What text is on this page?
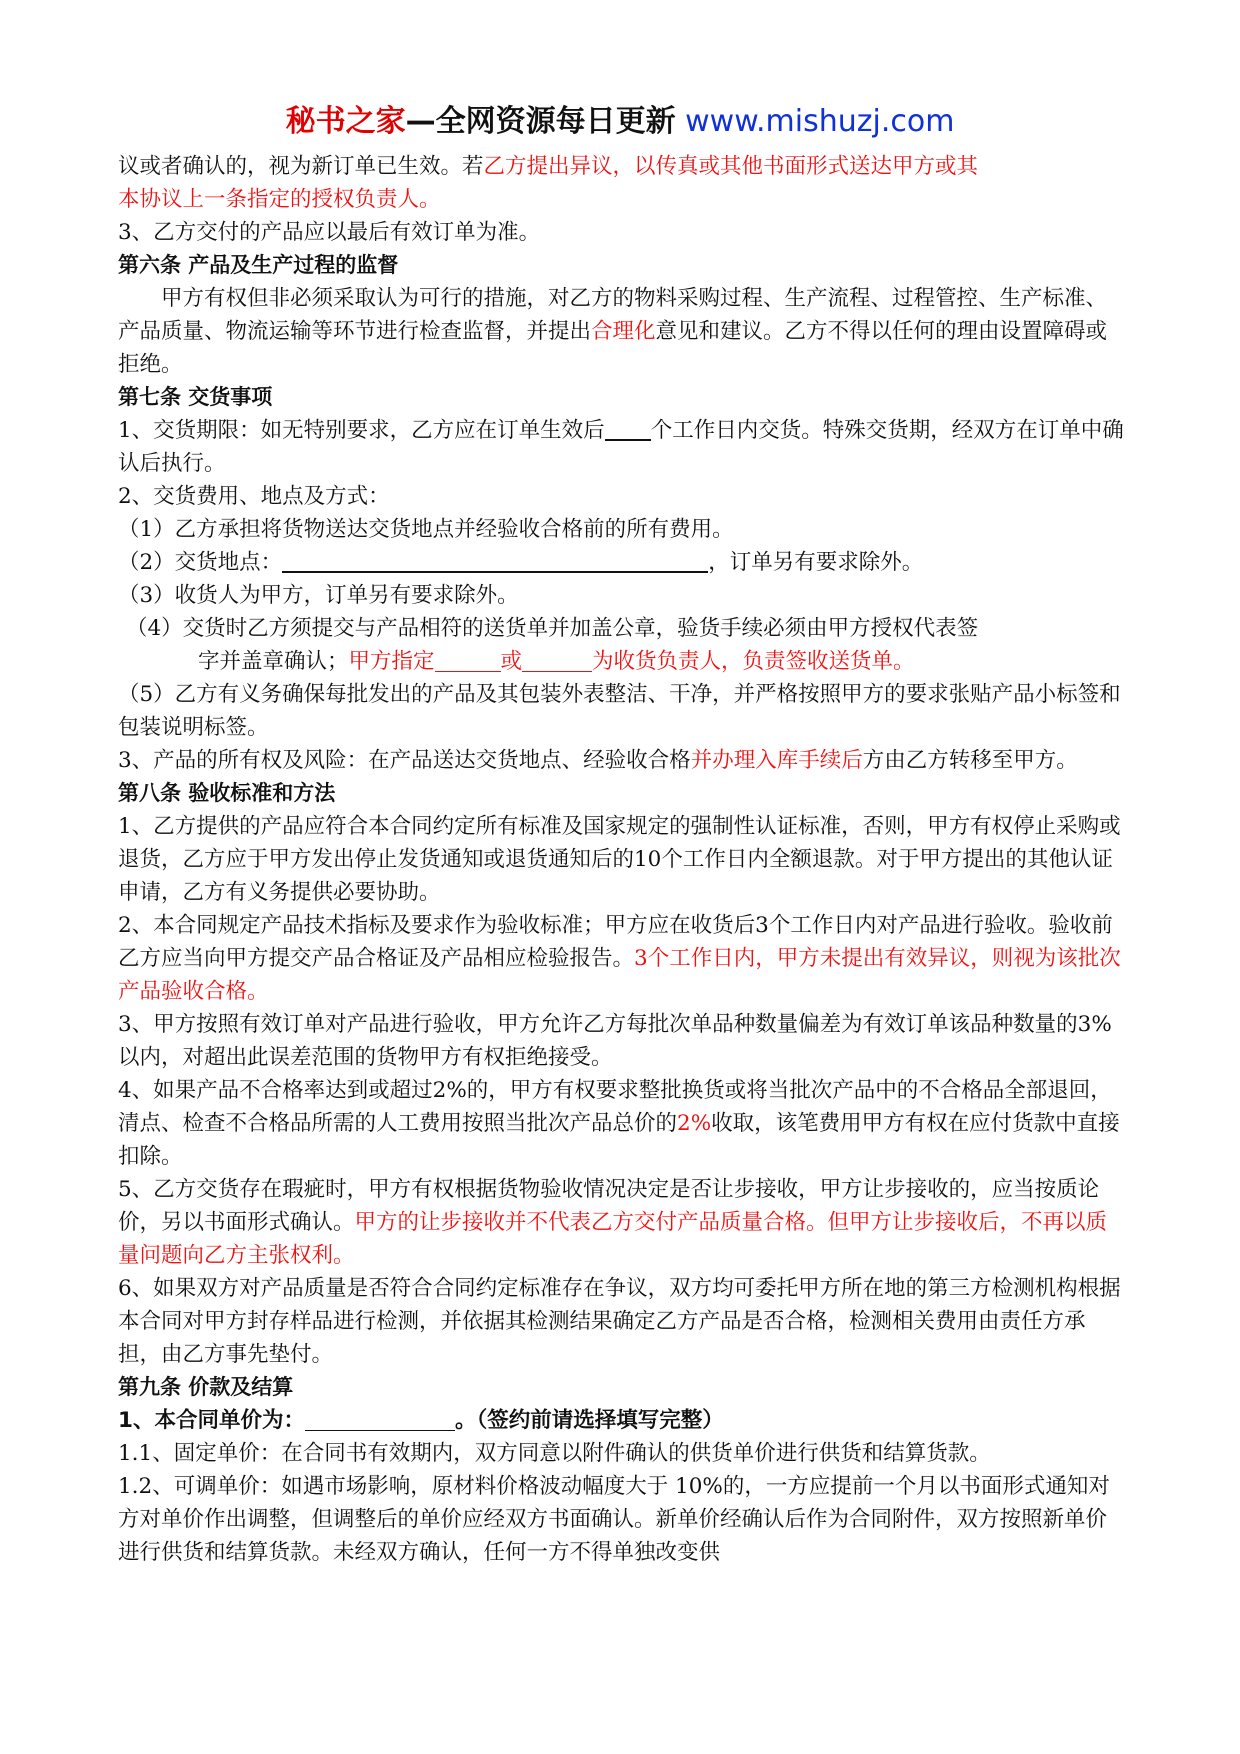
秘书之家—全网资源每日更新 www.mishuzj.com

议或者确认的，视为新订单已生效。若乙方提出异议，以传真或其他书面形式送达甲方或其

本协议上一条指定的授权负责人。

3、乙方交付的产品应以最后有效订单为准。

第六条 产品及生产过程的监督

甲方有权但非必须采取认为可行的措施，对乙方的物料采购过程、生产流程、过程管控、生产标准、产品质量、物流运输等环节进行检查监督，并提出合理化意见和建议。乙方不得以任何的理由设置障碍或拒绝。

第七条 交货事项

1、交货期限：如无特别要求，乙方应在订单生效后 个工作日内交货。特殊交货期，经双方在订单中确认后执行。

2、交货费用、地点及方式：

（1）乙方承担将货物送达交货地点并经验收合格前的所有费用。

（2）交货地点：	，订单另有要求除外。

（3）收货人为甲方，订单另有要求除外。

（4）交货时乙方须提交与产品相符的送货单并加盖公章，验货手续必须由甲方授权代表签

字并盖章确认；甲方指定	或	为收货负责人，负责签收送货单。

（5）乙方有义务确保每批发出的产品及其包装外表整洁、干净，并严格按照甲方的要求张贴产品小标签和包装说明标签。

3、产品的所有权及风险：在产品送达交货地点、经验收合格并办理入库手续后方由乙方转移至甲方。

第八条 验收标准和方法

1、乙方提供的产品应符合本合同约定所有标准及国家规定的强制性认证标准，否则，甲方有权停止采购或退货，乙方应于甲方发出停止发货通知或退货通知后的10个工作日内全额退款。对于甲方提出的其他认证申请，乙方有义务提供必要协助。

2、本合同规定产品技术指标及要求作为验收标准；甲方应在收货后3个工作日内对产品进行验收。验收前乙方应当向甲方提交产品合格证及产品相应检验报告。3个工作日内，甲方未提出有效异议，则视为该批次产品验收合格。

3、甲方按照有效订单对产品进行验收，甲方允许乙方每批次单品种数量偏差为有效订单该品种数量的3%以内，对超出此误差范围的货物甲方有权拒绝接受。

4、如果产品不合格率达到或超过2%的，甲方有权要求整批换货或将当批次产品中的不合格品全部退回，清点、检查不合格品所需的人工费用按照当批次产品总价的2%收取，该笔费用甲方有权在应付货款中直接扣除。

5、乙方交货存在瑕疵时，甲方有权根据货物验收情况决定是否让步接收，甲方让步接收的，应当按质论价，另以书面形式确认。甲方的让步接收并不代表乙方交付产品质量合格。但甲方让步接收后，不再以质量问题向乙方主张权利。

6、如果双方对产品质量是否符合合同约定标准存在争议，双方均可委托甲方所在地的第三方检测机构根据本合同对甲方封存样品进行检测，并依据其检测结果确定乙方产品是否合格，检测相关费用由责任方承担，由乙方事先垫付。

第九条 价款及结算

1、本合同单价为：	。（签约前请选择填写完整）

1.1、固定单价：在合同书有效期内，双方同意以附件确认的供货单价进行供货和结算货款。

1.2、可调单价：如遇市场影响，原材料价格波动幅度大于 10%的，一方应提前一个月以书面形式通知对方对单价作出调整，但调整后的单价应经双方书面确认。新单价经确认后作为合同附件，双方按照新单价进行供货和结算货款。未经双方确认，任何一方不得单独改变供
